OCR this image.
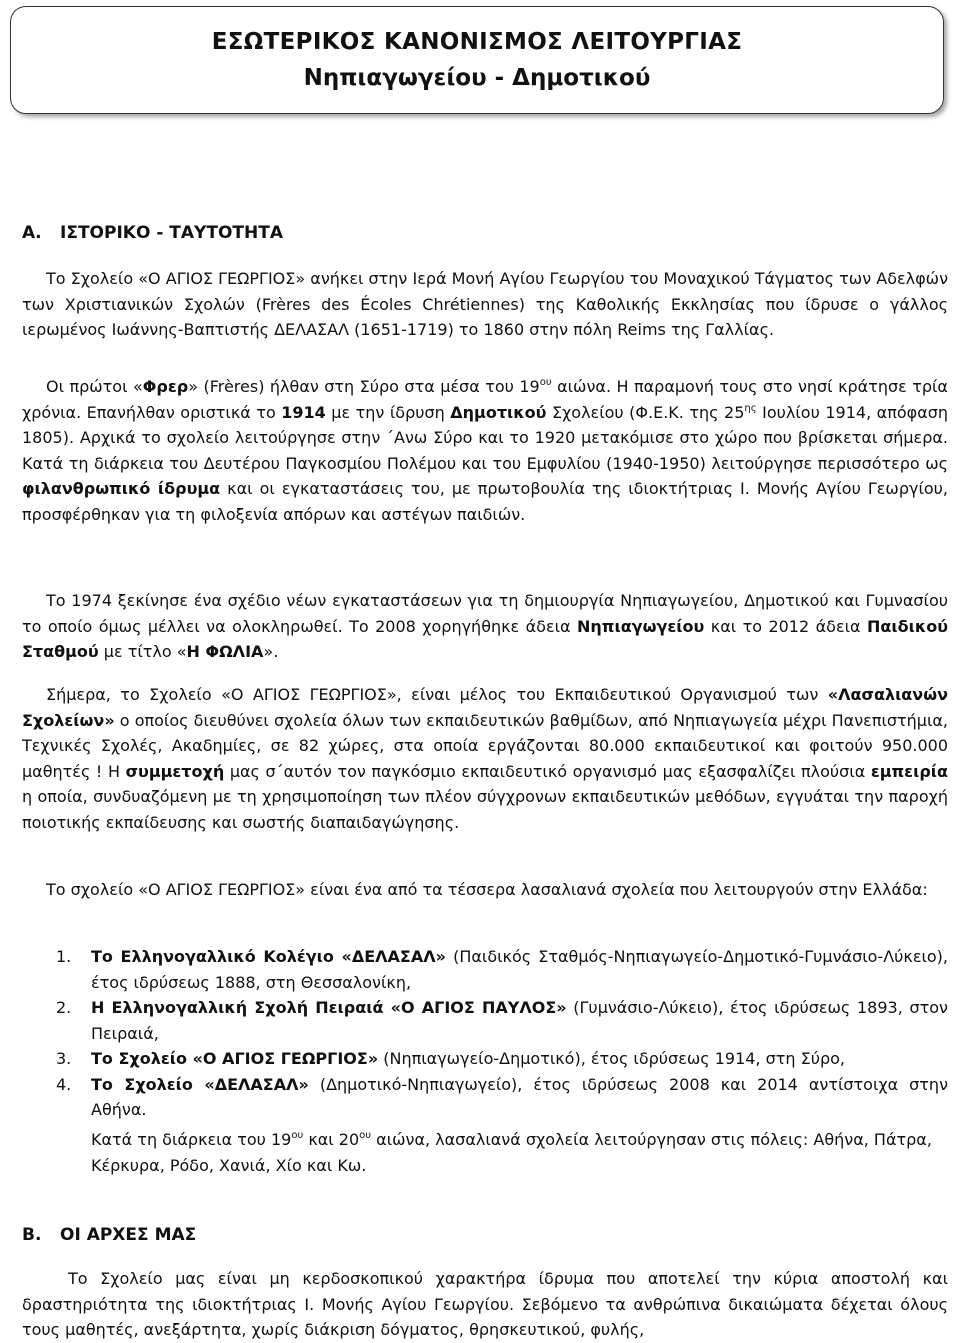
ΕΣΩΤΕΡΙΚΟΣ ΚΑΝΟΝΙΣΜΟΣ ΛΕΙΤΟΥΡΓΙΑΣ
Νηπιαγωγείου - Δημοτικού
Α. ΙΣΤΟΡΙΚΟ - ΤΑΥΤΟΤΗΤΑ

Το Σχολείο «Ο ΑΓΙΟΣ ΓΕΩΡΓΙΟΣ» ανήκει στην Ιερά Μονή Αγίου Γεωργίου του Μοναχικού Τάγματος των Αδελφών των Χριστιανικών Σχολών (Frères des Écoles Chrétiennes) της Καθολικής Εκκλησίας που ίδρυσε ο γάλλος ιερωμένος Ιωάννης-Βαπτιστής ΔΕΛΑΣΑΛ (1651-1719) το 1860 στην πόλη Reims της Γαλλίας.

Οι πρώτοι «Φρερ» (Frères) ήλθαν στη Σύρο στα μέσα του $19^{o\upsilon}$ αιώνα. Η παραμονή τους στο νησί κράτησε τρία χρόνια. Επανήλθαν οριστικά το 1914 με την ίδρυση Δημοτικού Σχολείου (Φ.Ε.Κ. της $25^{\eta\varsigma}$ Ιουλίου 1914, απόφαση 1805). Αρχικά το σχολείο λειτούργησε στην ΄Ανω Σύρο και το 1920 μετακόμισε στο χώρο που βρίσκεται σήμερα. Κατά τη διάρκεια του Δευτέρου Παγκοσμίου Πολέμου και του Εμφυλίου (1940-1950) λειτούργησε περισσότερο ως φιλανθρωπικό ίδρυμα και οι εγκαταστάσεις του, με πρωτοβουλία της ιδιοκτήτριας Ι. Μονής Αγίου Γεωργίου, προσφέρθηκαν για τη φιλοξενία απόρων και αστέγων παιδιών.

Το 1974 ξεκίνησε ένα σχέδιο νέων εγκαταστάσεων για τη δημιουργία Νηπιαγωγείου, Δημοτικού και Γυμνασίου το οποίο όμως μέλλει να ολοκληρωθεί. Το 2008 χορηγήθηκε άδεια Νηπιαγωγείου και το 2012 άδεια Παιδικού Σταθμού με τίτλο «Η ΦΩΛΙΑ».

Σήμερα, το Σχολείο «Ο ΑΓΙΟΣ ΓΕΩΡΓΙΟΣ», είναι μέλος του Εκπαιδευτικού Οργανισμού των «Λασαλιανών Σχολείων» ο οποίος διευθύνει σχολεία όλων των εκπαιδευτικών βαθμίδων, από Νηπιαγωγεία μέχρι Πανεπιστήμια, Τεχνικές Σχολές, Ακαδημίες, σε 82 χώρες, στα οποία εργάζονται 80.000 εκπαιδευτικοί και φοιτούν 950.000 μαθητές ! Η συμμετοχή μας σ΄αυτόν τον παγκόσμιο εκπαιδευτικό οργανισμό μας εξασφαλίζει πλούσια εμπειρία η οποία, συνδυαζόμενη με τη χρησιμοποίηση των πλέον σύγχρονων εκπαιδευτικών μεθόδων, εγγυάται την παροχή ποιοτικής εκπαίδευσης και σωστής διαπαιδαγώγησης.

Το σχολείο «Ο ΑΓΙΟΣ ΓΕΩΡΓΙΟΣ» είναι ένα από τα τέσσερα λασαλιανά σχολεία που λειτουργούν στην Ελλάδα:

1. Το Ελληνογαλλικό Κολέγιο «ΔΕΛΑΣΑΛ» (Παιδικός Σταθμός-Νηπιαγωγείο-Δημοτικό-Γυμνάσιο-Λύκειο), έτος ιδρύσεως 1888, στη Θεσσαλονίκη,
2. Η Ελληνογαλλική Σχολή Πειραιά «Ο ΑΓΙΟΣ ΠΑΥΛΟΣ» (Γυμνάσιο-Λύκειο), έτος ιδρύσεως 1893, στον Πειραιά,
3. Το Σχολείο «Ο ΑΓΙΟΣ ΓΕΩΡΓΙΟΣ» (Νηπιαγωγείο-Δημοτικό), έτος ιδρύσεως 1914, στη Σύρο,
4. Το Σχολείο «ΔΕΛΑΣΑΛ» (Δημοτικό-Νηπιαγωγείο), έτος ιδρύσεως 2008 και 2014 αντίστοιχα στην Αθήνα.

Κατά τη διάρκεια του $19^{o\upsilon}$ και $20^{o\upsilon}$ αιώνα, λασαλιανά σχολεία λειτούργησαν στις πόλεις: Αθήνα, Πάτρα, Κέρκυρα, Ρόδο, Χανιά, Χίο και Κω.

Β. ΟΙ ΑΡΧΕΣ ΜΑΣ

Το Σχολείο μας είναι μη κερδοσκοπικού χαρακτήρα ίδρυμα που αποτελεί την κύρια αποστολή και δραστηριότητα της ιδιοκτήτριας Ι. Μονής Αγίου Γεωργίου. Σεβόμενο τα ανθρώπινα δικαιώματα δέχεται όλους τους μαθητές, ανεξάρτητα, χωρίς διάκριση δόγματος, θρησκευτικού, φυλής,
